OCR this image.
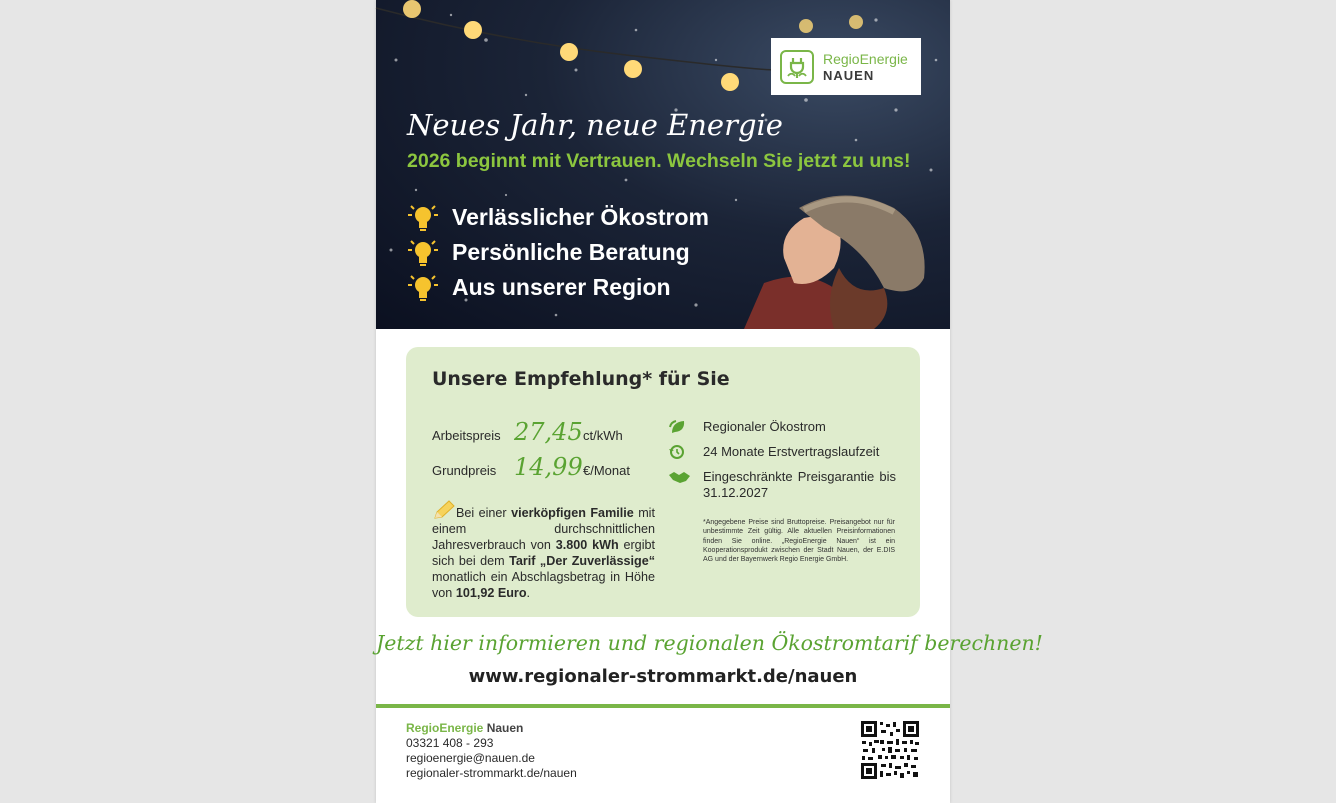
RegioEnergie
NAUEN
Neues Jahr, neue Energie
2026 beginnt mit Vertrauen. Wechseln Sie jetzt zu uns!
Verlässlicher Ökostrom
Persönliche Beratung
Aus unserer Region
Unsere Empfehlung* für Sie
Arbeitspreis 27,45 ct/kWh
Grundpreis 14,99 €/Monat
Bei einer vierköpfigen Familie mit einem durchschnittlichen Jahresverbrauch von 3.800 kWh ergibt sich bei dem Tarif „Der Zuverlässige“ monatlich ein Abschlagsbetrag in Höhe von 101,92 Euro.
Regionaler Ökostrom
24 Monate Erstvertragslaufzeit
Eingeschränkte Preisgarantie bis 31.12.2027
*Angegebene Preise sind Bruttopreise. Preisangebot nur für unbestimmte Zeit gültig. Alle aktuellen Preisinformationen finden Sie online. „RegioEnergie Nauen“ ist ein Kooperationsprodukt zwischen der Stadt Nauen, der E.DIS AG und der Bayernwerk Regio Energie GmbH.
Jetzt hier informieren und regionalen Ökostromtarif berechnen!
www.regionaler-strommarkt.de/nauen
RegioEnergie Nauen
03321 408 - 293
regioenergie@nauen.de
regionaler-strommarkt.de/nauen
